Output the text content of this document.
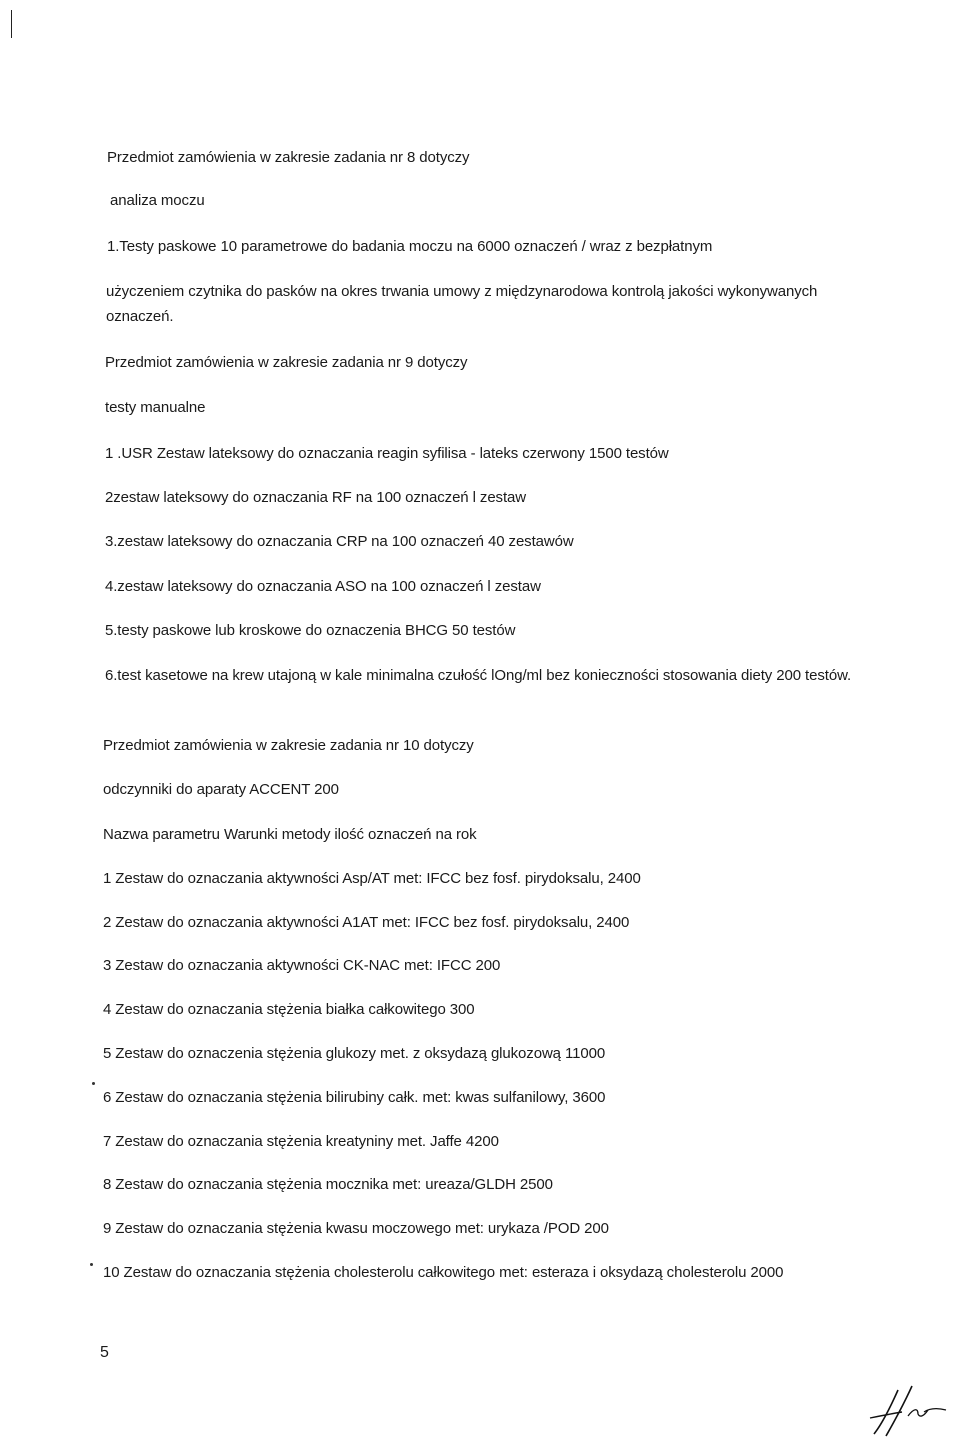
Przedmiot zamówienia w zakresie zadania nr 8 dotyczy
analiza moczu
1.Testy paskowe 10 parametrowe do badania moczu na 6000 oznaczeń / wraz z bezpłatnym
użyczeniem czytnika do pasków na okres trwania umowy z międzynarodowa kontrolą jakości wykonywanych
oznaczeń.
Przedmiot zamówienia w zakresie zadania nr 9 dotyczy
testy manualne
1 .USR Zestaw lateksowy do oznaczania reagin syfilisa - lateks czerwony 1500 testów
2zestaw lateksowy do oznaczania RF na 100 oznaczeń l zestaw
3.zestaw lateksowy do oznaczania CRP na 100 oznaczeń 40 zestawów
4.zestaw lateksowy do oznaczania ASO na 100 oznaczeń l zestaw
5.testy paskowe lub kroskowe do oznaczenia BHCG 50 testów
6.test kasetowe na krew utajoną w kale minimalna czułość lOng/ml bez konieczności stosowania diety 200 testów.
Przedmiot zamówienia w zakresie zadania nr 10 dotyczy
odczynniki do aparaty ACCENT 200
Nazwa parametru Warunki metody ilość oznaczeń na rok
1 Zestaw do oznaczania aktywności Asp/AT met: IFCC bez fosf. pirydoksalu, 2400
2 Zestaw do oznaczania aktywności A1AT met: IFCC bez fosf. pirydoksalu, 2400
3 Zestaw do oznaczania aktywności CK-NAC met: IFCC 200
4 Zestaw do oznaczania stężenia białka całkowitego 300
5 Zestaw do oznaczenia stężenia glukozy met. z oksydazą glukozową 11000
6 Zestaw do oznaczania stężenia bilirubiny całk. met: kwas sulfanilowy, 3600
7 Zestaw do oznaczania stężenia kreatyniny met. Jaffe 4200
8 Zestaw do oznaczania stężenia mocznika met: ureaza/GLDH 2500
9 Zestaw do oznaczania stężenia kwasu moczowego met: urykaza /POD 200
10 Zestaw do oznaczania stężenia cholesterolu całkowitego met: esteraza i oksydazą cholesterolu 2000
5
